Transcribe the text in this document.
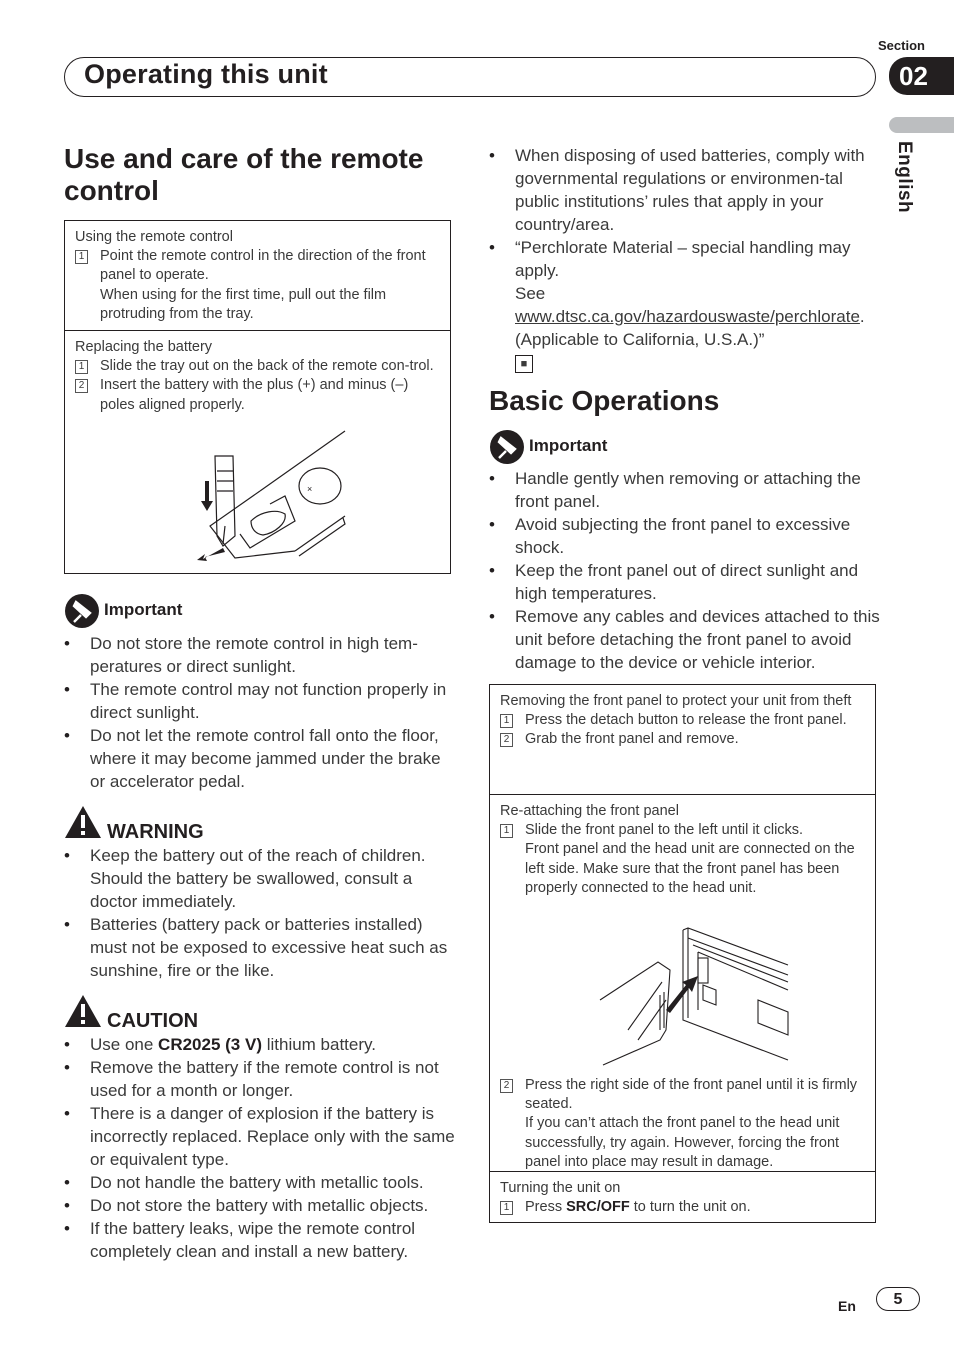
Section
Operating this unit	02
English
Use and care of the remote control
Using the remote control
1 Point the remote control in the direction of the front panel to operate.
When using for the first time, pull out the film protruding from the tray.
Replacing the battery
1 Slide the tray out on the back of the remote con-trol.
2 Insert the battery with the plus (+) and minus (–) poles aligned properly.
×
Important
• Do not store the remote control in high tem-peratures or direct sunlight.
• The remote control may not function properly in direct sunlight.
• Do not let the remote control fall onto the floor, where it may become jammed under the brake or accelerator pedal.
WARNING
• Keep the battery out of the reach of children. Should the battery be swallowed, consult a doctor immediately.
• Batteries (battery pack or batteries installed) must not be exposed to excessive heat such as sunshine, fire or the like.
CAUTION
• Use one CR2025 (3 V) lithium battery.
• Remove the battery if the remote control is not used for a month or longer.
• There is a danger of explosion if the battery is incorrectly replaced. Replace only with the same or equivalent type.
• Do not handle the battery with metallic tools.
• Do not store the battery with metallic objects.
• If the battery leaks, wipe the remote control completely clean and install a new battery.
• When disposing of used batteries, comply with governmental regulations or environmen-tal public institutions’ rules that apply in your country/area.
• “Perchlorate Material – special handling may apply.
See www.dtsc.ca.gov/hazardouswaste/perchlorate. (Applicable to California, U.S.A.)”
■
Basic Operations
Important
• Handle gently when removing or attaching the front panel.
• Avoid subjecting the front panel to excessive shock.
• Keep the front panel out of direct sunlight and high temperatures.
• Remove any cables and devices attached to this unit before detaching the front panel to avoid damage to the device or vehicle interior.
Removing the front panel to protect your unit from theft
1 Press the detach button to release the front panel.
2 Grab the front panel and remove.
Re-attaching the front panel
1 Slide the front panel to the left until it clicks.
Front panel and the head unit are connected on the left side. Make sure that the front panel has been properly connected to the head unit.
2 Press the right side of the front panel until it is firmly seated.
If you can’t attach the front panel to the head unit successfully, try again. However, forcing the front panel into place may result in damage.
Turning the unit on
1 Press SRC/OFF to turn the unit on.
En	5
